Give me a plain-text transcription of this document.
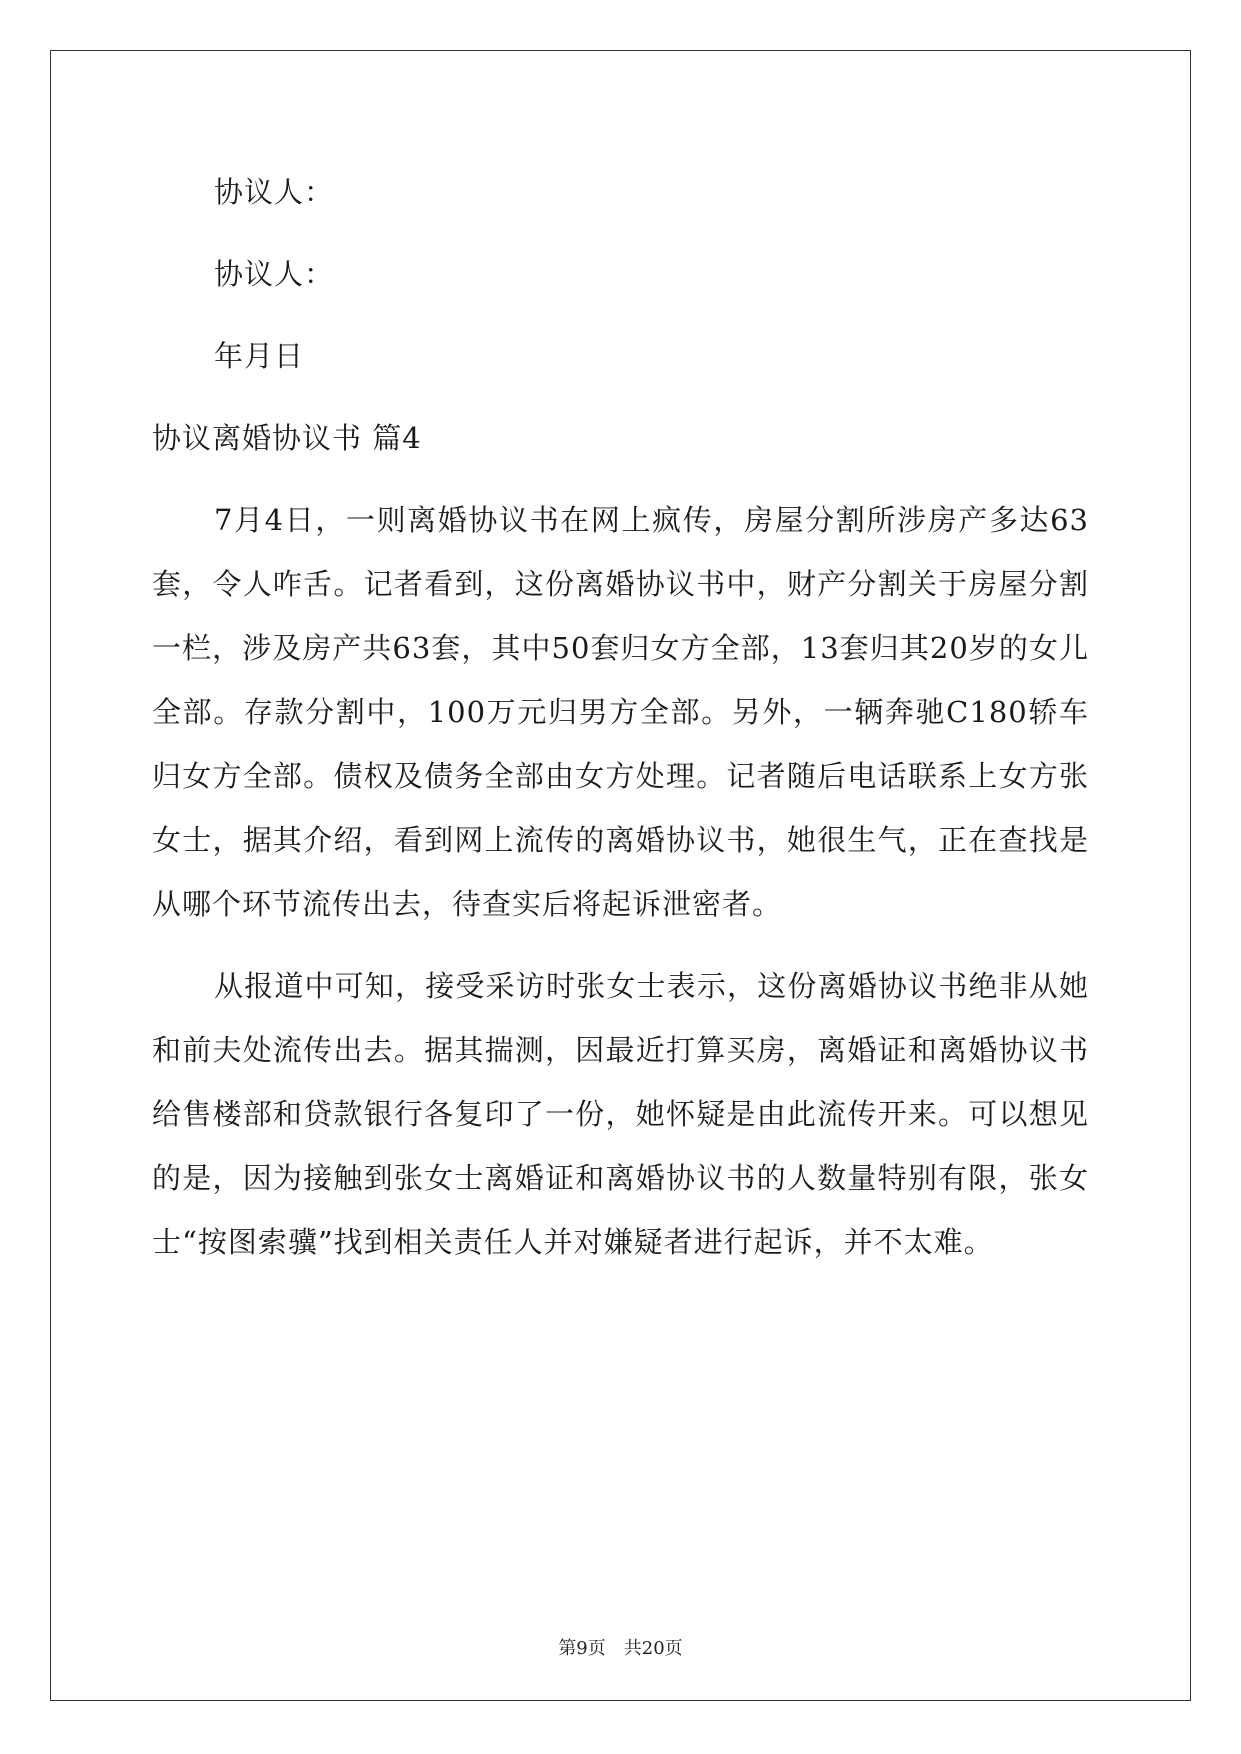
协议人：
协议人：
年月日
协议离婚协议书 篇4
7月4日，一则离婚协议书在网上疯传，房屋分割所涉房产多达63套，令人咋舌。记者看到，这份离婚协议书中，财产分割关于房屋分割一栏，涉及房产共63套，其中50套归女方全部，13套归其20岁的女儿全部。存款分割中，100万元归男方全部。另外，一辆奔驰C180轿车归女方全部。债权及债务全部由女方处理。记者随后电话联系上女方张女士，据其介绍，看到网上流传的离婚协议书，她很生气，正在查找是从哪个环节流传出去，待查实后将起诉泄密者。
从报道中可知，接受采访时张女士表示，这份离婚协议书绝非从她和前夫处流传出去。据其揣测，因最近打算买房，离婚证和离婚协议书给售楼部和贷款银行各复印了一份，她怀疑是由此流传开来。可以想见的是，因为接触到张女士离婚证和离婚协议书的人数量特别有限，张女士“按图索骥”找到相关责任人并对嫌疑者进行起诉，并不太难。
第9页　共20页
